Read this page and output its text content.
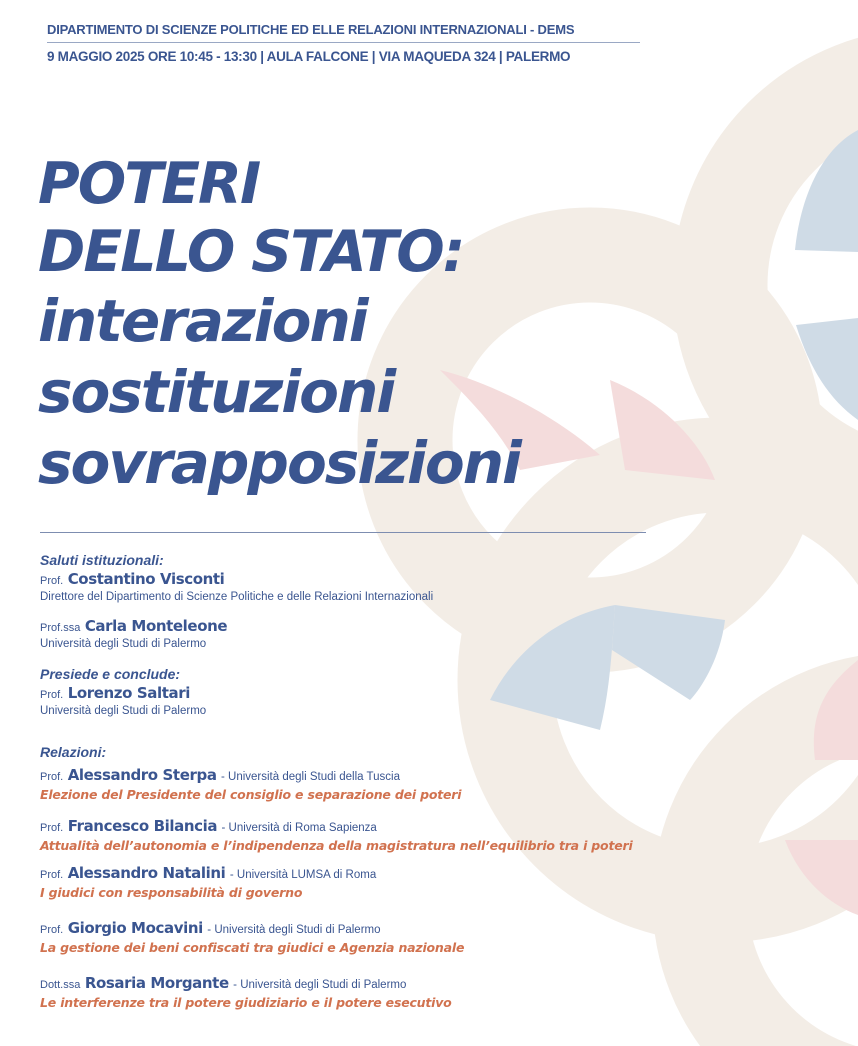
DIPARTIMENTO DI SCIENZE POLITICHE ED ELLE RELAZIONI INTERNAZIONALI - DEMS
9 MAGGIO 2025 ORE 10:45 - 13:30 | AULA FALCONE | VIA MAQUEDA 324 | PALERMO
POTERI
DELLO STATO:
interazioni
sostituzioni
sovrapposizioni
Saluti istituzionali:
Prof. Costantino Visconti
Direttore del Dipartimento di Scienze Politiche e delle Relazioni Internazionali
Prof.ssa Carla Monteleone
Università degli Studi di Palermo
Presiede e conclude:
Prof. Lorenzo Saltari
Università degli Studi di Palermo
Relazioni:
Prof. Alessandro Sterpa - Università degli Studi della Tuscia
Elezione del Presidente del consiglio e separazione dei poteri
Prof. Francesco Bilancia - Università di Roma Sapienza
Attualità dell’autonomia e l’indipendenza della magistratura nell’equilibrio tra i poteri
Prof. Alessandro Natalini - Università LUMSA di Roma
I giudici con responsabilità di governo
Prof. Giorgio Mocavini - Università degli Studi di Palermo
La gestione dei beni confiscati tra giudici e Agenzia nazionale
Dott.ssa Rosaria Morgante - Università degli Studi di Palermo
Le interferenze tra il potere giudiziario e il potere esecutivo
